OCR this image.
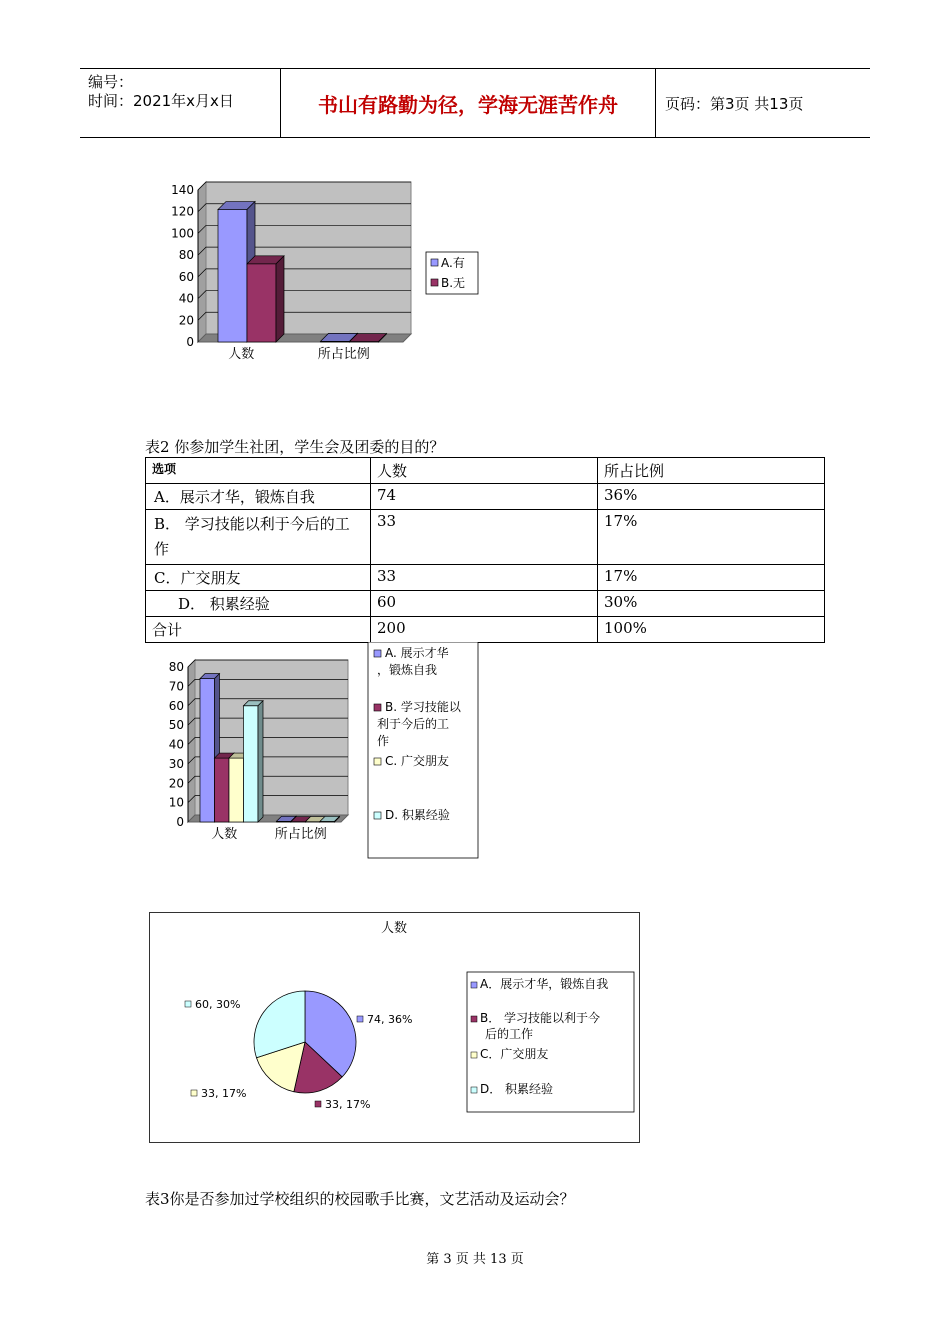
编号：
时间：2021年x月x日	书山有路勤为径，学海无涯苦作舟	页码：第3页 共13页
0
20
40
60
80
100
120
140
人数	所占比例
A.有
B.无
表2 你参加学生社团，学生会及团委的目的？
选项	人数	所占比例
A．展示才华，锻炼自我	74	36%
B． 学习技能以利于今后的工作	33	17%
C．广交朋友	33	17%
D． 积累经验	60	30%
合计	200	100%
0
10
20
30
40
50
60
70
80
人数	所占比例
A. 展示才华，锻炼自我
B. 学习技能以利于今后的工作
C. 广交朋友
D. 积累经验
人数
74, 36%
33, 17%
33, 17%
60, 30%
A．展示才华，锻炼自我
B． 学习技能以利于今后的工作
C．广交朋友
D． 积累经验
表3你是否参加过学校组织的校园歌手比赛，文艺活动及运动会？
第 3 页 共 13 页
